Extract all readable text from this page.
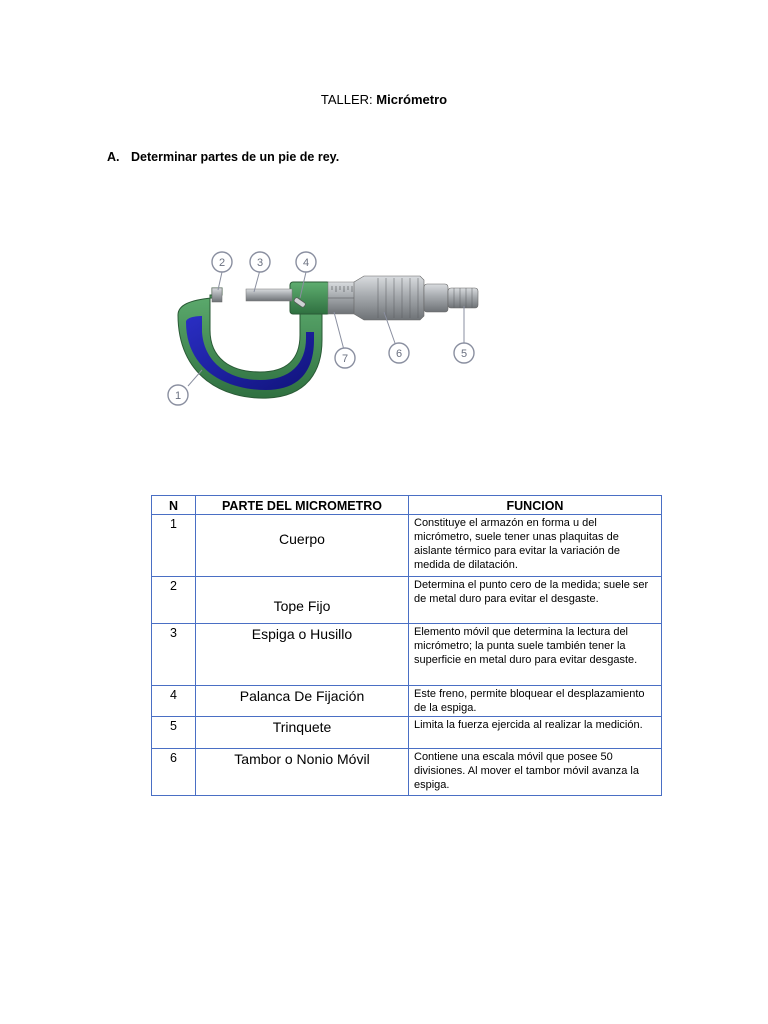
TALLER: Micrómetro
A. Determinar partes de un pie de rey.
1
2	3	4
5
6
7
N	PARTE DEL MICROMETRO	FUNCION
1	Cuerpo	Constituye el armazón en forma u del micrómetro, suele tener unas plaquitas de aislante térmico para evitar la variación de medida de dilatación.
2	Tope Fijo	Determina el punto cero de la medida; suele ser de metal duro para evitar el desgaste.
3	Espiga o Husillo	Elemento móvil que determina la lectura del micrómetro; la punta suele también tener la superficie en metal duro para evitar desgaste.
4	Palanca De Fijación	Este freno, permite bloquear el desplazamiento de la espiga.
5	Trinquete	Limita la fuerza ejercida al realizar la medición.
6	Tambor o Nonio Móvil	Contiene una escala móvil que posee 50 divisiones. Al mover el tambor móvil avanza la espiga.
